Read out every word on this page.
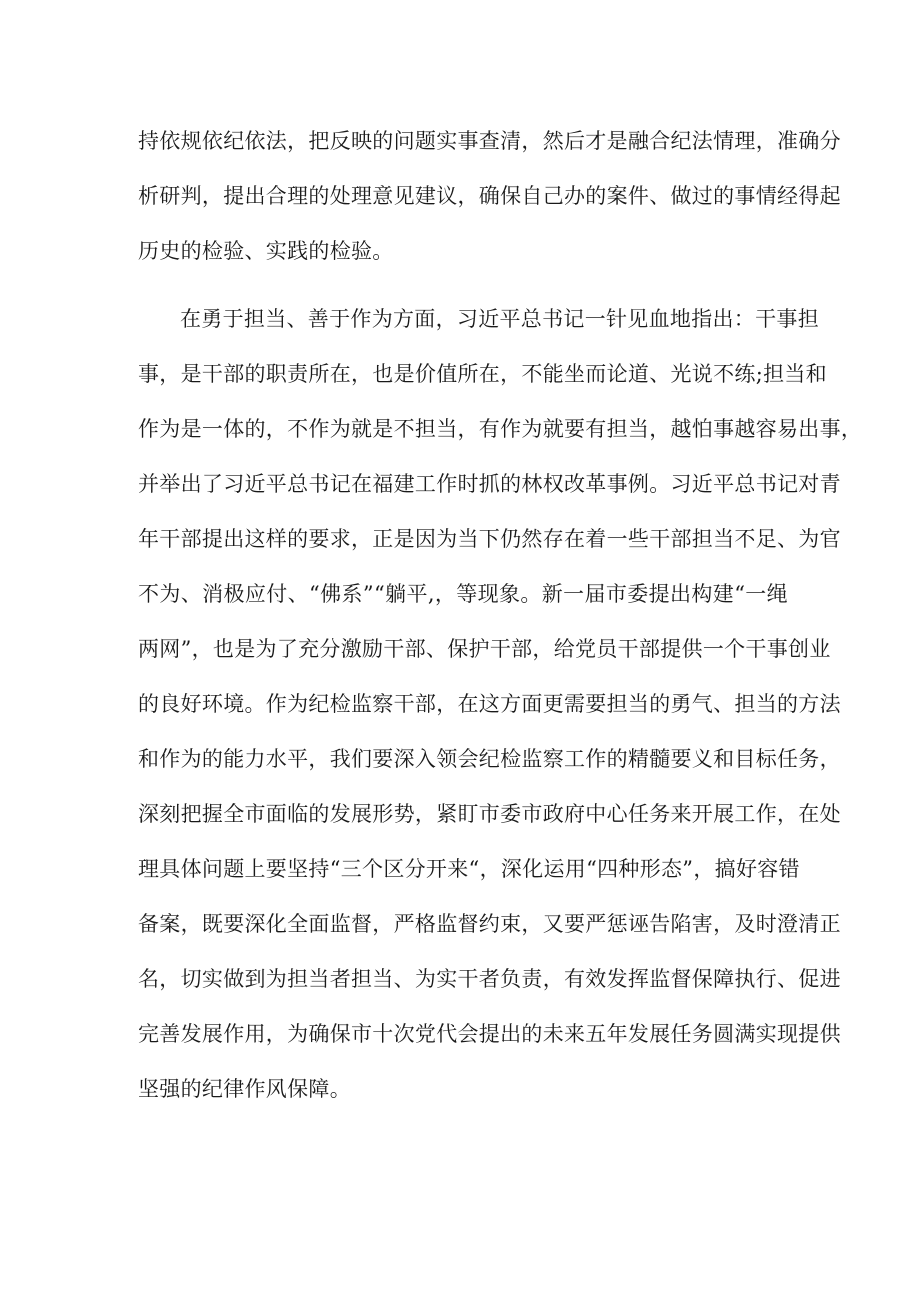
持依规依纪依法，把反映的问题实事查清，然后才是融合纪法情理，准确分
析研判，提出合理的处理意见建议，确保自己办的案件、做过的事情经得起
历史的检验、实践的检验。
在勇于担当、善于作为方面，习近平总书记一针见血地指出：干事担
事，是干部的职责所在，也是价值所在，不能坐而论道、光说不练;担当和
作为是一体的，不作为就是不担当，有作为就要有担当，越怕事越容易出事，
并举出了习近平总书记在福建工作时抓的林权改革事例。习近平总书记对青
年干部提出这样的要求，正是因为当下仍然存在着一些干部担当不足、为官
不为、消极应付、“佛系”“躺平,，等现象。新一届市委提出构建“一绳
两网”，也是为了充分激励干部、保护干部，给党员干部提供一个干事创业
的良好环境。作为纪检监察干部，在这方面更需要担当的勇气、担当的方法
和作为的能力水平，我们要深入领会纪检监察工作的精髓要义和目标任务，
深刻把握全市面临的发展形势，紧盯市委市政府中心任务来开展工作，在处
理具体问题上要坚持“三个区分开来“，深化运用“四种形态”，搞好容错
备案，既要深化全面监督，严格监督约束，又要严惩诬告陷害，及时澄清正
名，切实做到为担当者担当、为实干者负责，有效发挥监督保障执行、促进
完善发展作用，为确保市十次党代会提出的未来五年发展任务圆满实现提供
坚强的纪律作风保障。
